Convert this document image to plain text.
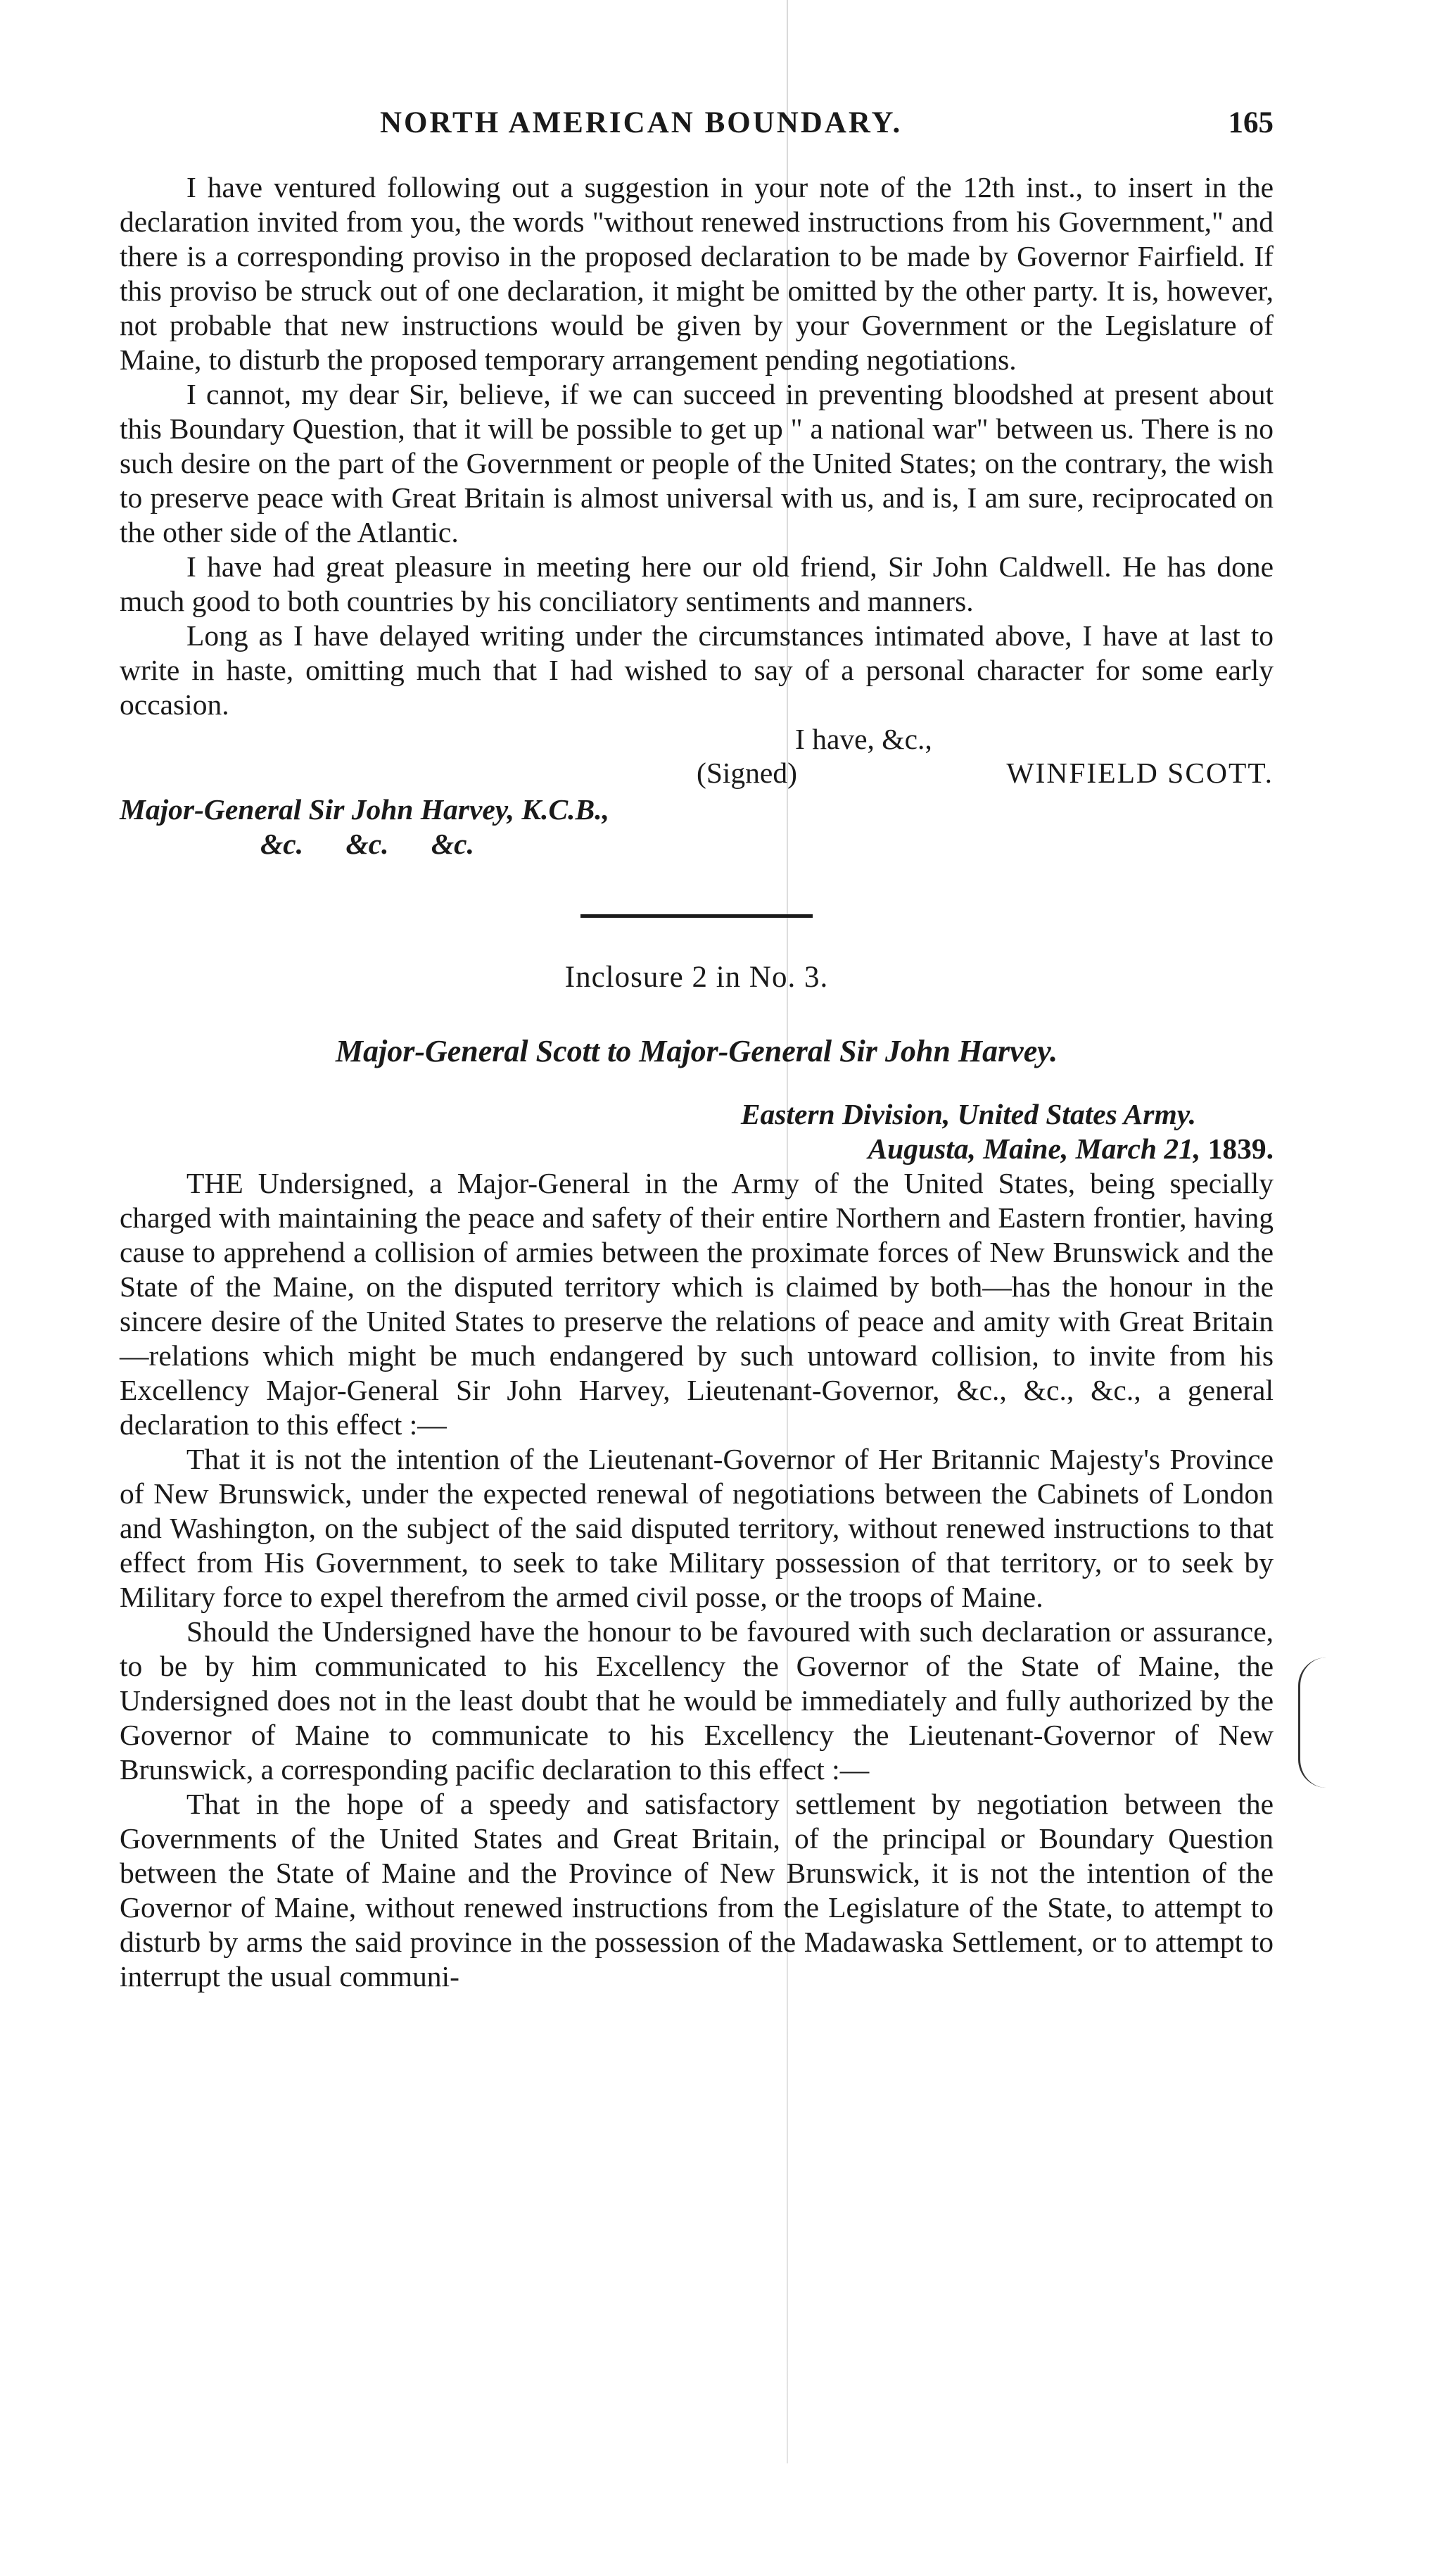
NORTH AMERICAN BOUNDARY.	165

I have ventured following out a suggestion in your note of the 12th inst., to insert in the declaration invited from you, the words "without renewed instructions from his Government," and there is a corresponding proviso in the proposed declaration to be made by Governor Fairfield. If this proviso be struck out of one declaration, it might be omitted by the other party. It is, however, not probable that new instructions would be given by your Government or the Legislature of Maine, to disturb the proposed temporary arrangement pending negotiations.

I cannot, my dear Sir, believe, if we can succeed in preventing bloodshed at present about this Boundary Question, that it will be possible to get up " a national war" between us. There is no such desire on the part of the Government or people of the United States; on the contrary, the wish to preserve peace with Great Britain is almost universal with us, and is, I am sure, reciprocated on the other side of the Atlantic.

I have had great pleasure in meeting here our old friend, Sir John Caldwell. He has done much good to both countries by his conciliatory sentiments and manners.

Long as I have delayed writing under the circumstances intimated above, I have at last to write in haste, omitting much that I had wished to say of a personal character for some early occasion.

I have, &c.,
(Signed)	WINFIELD SCOTT.
Major-General Sir John Harvey, K.C.B.,
&c. &c. &c.
Inclosure 2 in No. 3.
Major-General Scott to Major-General Sir John Harvey.
Eastern Division, United States Army.
Augusta, Maine, March 21, 1839.

THE Undersigned, a Major-General in the Army of the United States, being specially charged with maintaining the peace and safety of their entire Northern and Eastern frontier, having cause to apprehend a collision of armies between the proximate forces of New Brunswick and the State of the Maine, on the disputed territory which is claimed by both—has the honour in the sincere desire of the United States to preserve the relations of peace and amity with Great Britain—relations which might be much endangered by such untoward collision, to invite from his Excellency Major-General Sir John Harvey, Lieutenant-Governor, &c., &c., &c., a general declaration to this effect :—

That it is not the intention of the Lieutenant-Governor of Her Britannic Majesty's Province of New Brunswick, under the expected renewal of negotiations between the Cabinets of London and Washington, on the subject of the said disputed territory, without renewed instructions to that effect from His Government, to seek to take Military possession of that territory, or to seek by Military force to expel therefrom the armed civil posse, or the troops of Maine.

Should the Undersigned have the honour to be favoured with such declaration or assurance, to be by him communicated to his Excellency the Governor of the State of Maine, the Undersigned does not in the least doubt that he would be immediately and fully authorized by the Governor of Maine to communicate to his Excellency the Lieutenant-Governor of New Brunswick, a corresponding pacific declaration to this effect :—

That in the hope of a speedy and satisfactory settlement by negotiation between the Governments of the United States and Great Britain, of the principal or Boundary Question between the State of Maine and the Province of New Brunswick, it is not the intention of the Governor of Maine, without renewed instructions from the Legislature of the State, to attempt to disturb by arms the said province in the possession of the Madawaska Settlement, or to attempt to interrupt the usual communi-
